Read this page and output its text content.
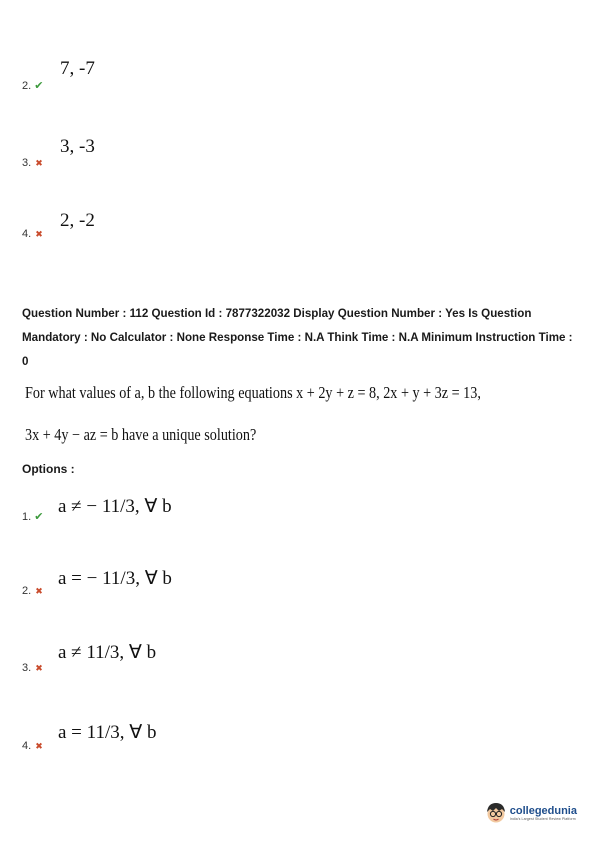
7, -7
2. ✔
3, -3
3. ✖
2, -2
4. ✖
Question Number : 112 Question Id : 7877322032 Display Question Number : Yes Is Question Mandatory : No Calculator : None Response Time : N.A Think Time : N.A Minimum Instruction Time : 0
For what values of a, b the following equations x + 2y + z = 8, 2x + y + 3z = 13,
3x + 4y − az = b have a unique solution?
Options :
a ≠ − 11/3, ∀ b
1. ✔
a = − 11/3, ∀ b
2. ✖
a ≠ 11/3, ∀ b
3. ✖
a = 11/3, ∀ b
4. ✖
collegedunia
India's Largest Student Review Platform
